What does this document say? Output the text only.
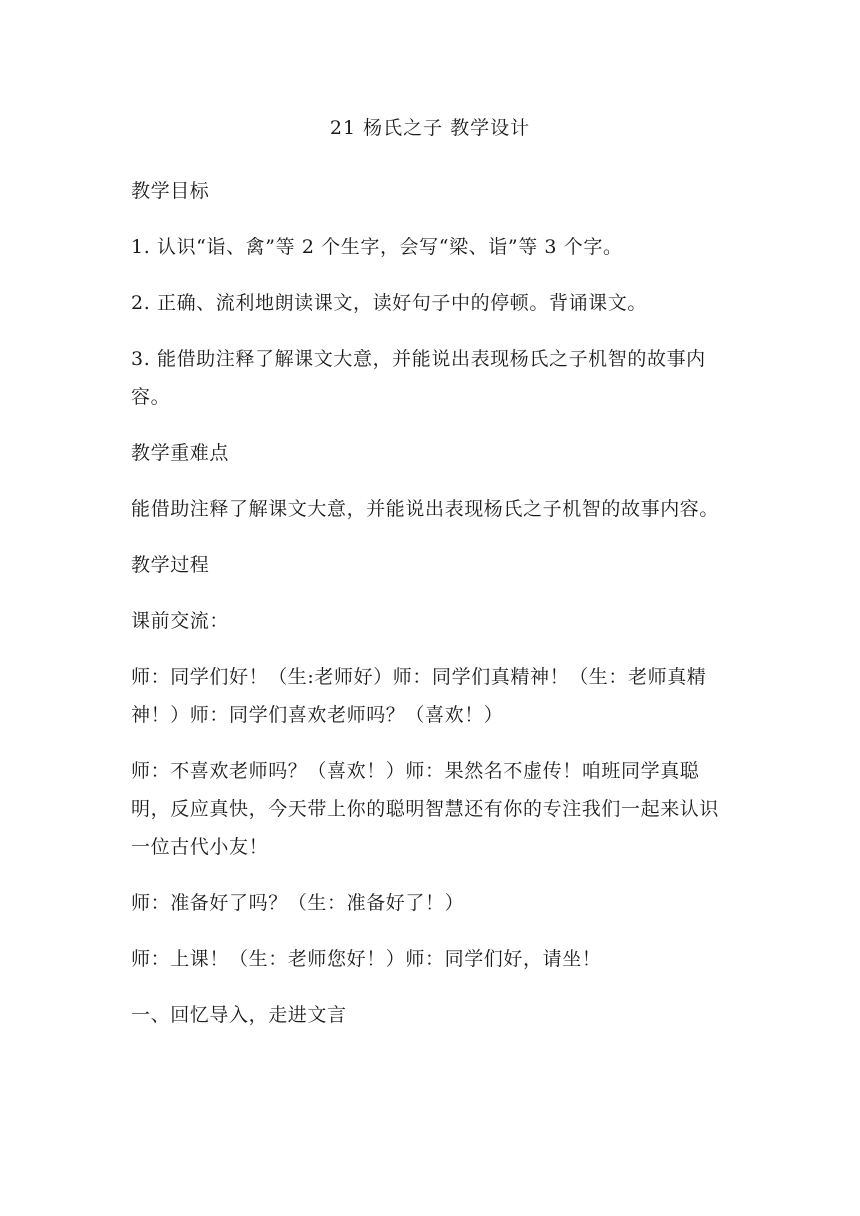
21 杨氏之子 教学设计

教学目标

1. 认识“诣、禽”等 2 个生字，会写“梁、诣”等 3 个字。

2. 正确、流利地朗读课文，读好句子中的停顿。背诵课文。

3. 能借助注释了解课文大意，并能说出表现杨氏之子机智的故事内容。

教学重难点

能借助注释了解课文大意，并能说出表现杨氏之子机智的故事内容。

教学过程

课前交流：

师：同学们好！（生:老师好）师：同学们真精神！（生：老师真精神！）师：同学们喜欢老师吗？（喜欢！）

师：不喜欢老师吗？（喜欢！）师：果然名不虚传！咱班同学真聪明，反应真快，今天带上你的聪明智慧还有你的专注我们一起来认识一位古代小友！

师：准备好了吗？（生：准备好了！）

师：上课！（生：老师您好！）师：同学们好，请坐！

一、回忆导入，走进文言
